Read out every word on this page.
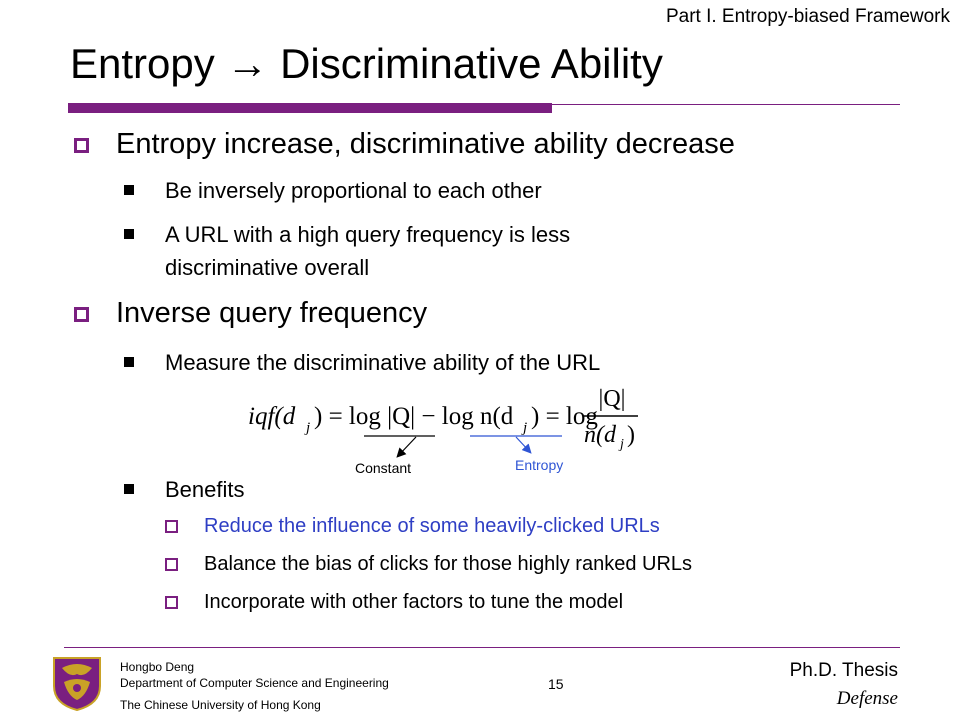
Part I. Entropy-biased Framework
Entropy → Discriminative Ability
Entropy increase, discriminative ability decrease
Be inversely proportional to each other
A URL with a high query frequency is less
discriminative overall
Inverse query frequency
Measure the discriminative ability of the URL
iqf(d j ) = log |Q| − log n(d j ) = log
|Q|
n(d j )
Constant	Entropy
Benefits
Reduce the influence of some heavily-clicked URLs
Balance the bias of clicks for those highly ranked URLs
Incorporate with other factors to tune the model
Hongbo Deng
Department of Computer Science and Engineering
The Chinese University of Hong Kong
15
Ph.D. Thesis
Defense
